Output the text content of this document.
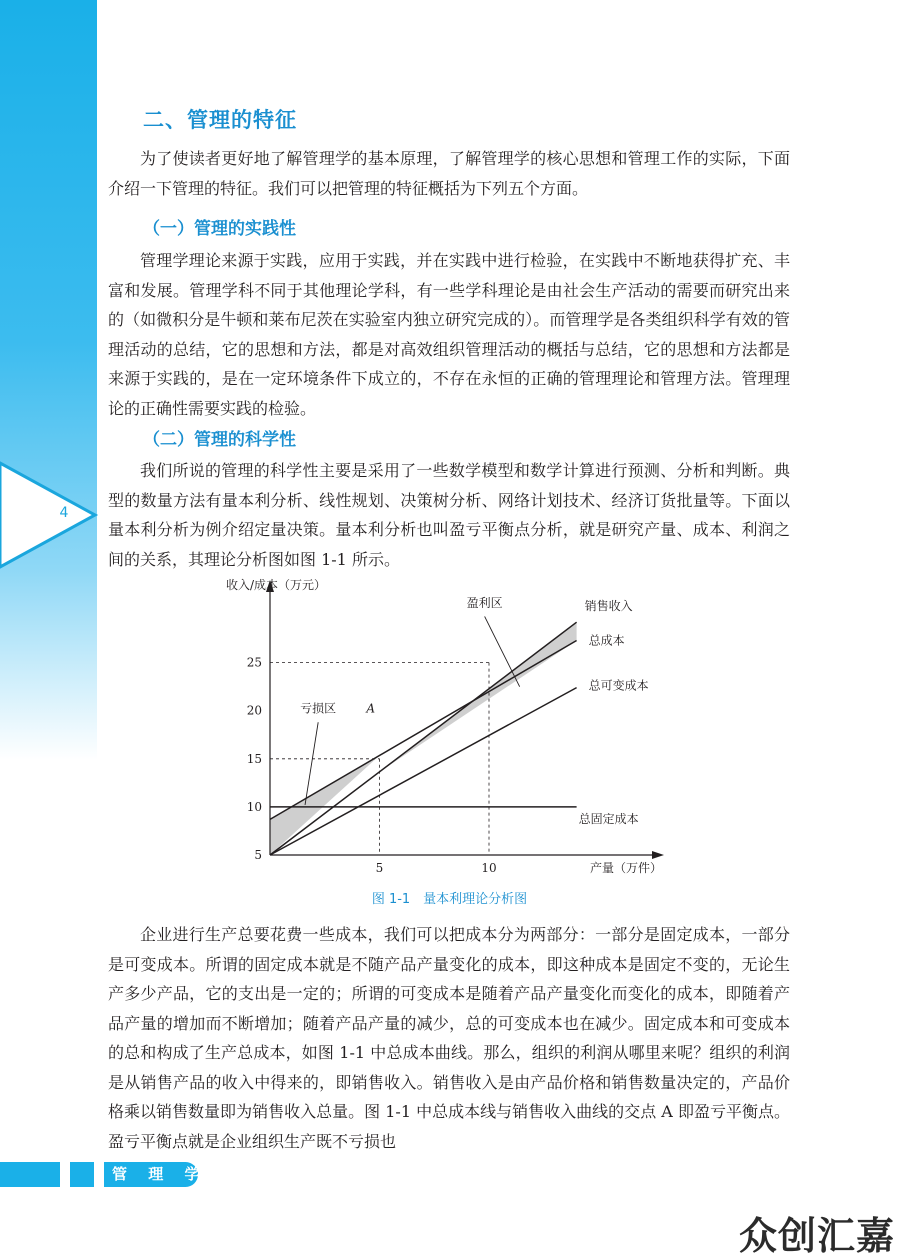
4
二、管理的特征

为了使读者更好地了解管理学的基本原理，了解管理学的核心思想和管理工作的实际，下面介绍一下管理的特征。我们可以把管理的特征概括为下列五个方面。

（一）管理的实践性

管理学理论来源于实践，应用于实践，并在实践中进行检验，在实践中不断地获得扩充、丰富和发展。管理学科不同于其他理论学科，有一些学科理论是由社会生产活动的需要而研究出来的（如微积分是牛顿和莱布尼茨在实验室内独立研究完成的）。而管理学是各类组织科学有效的管理活动的总结，它的思想和方法，都是对高效组织管理活动的概括与总结，它的思想和方法都是来源于实践的，是在一定环境条件下成立的，不存在永恒的正确的管理理论和管理方法。管理理论的正确性需要实践的检验。

（二）管理的科学性

我们所说的管理的科学性主要是采用了一些数学模型和数学计算进行预测、分析和判断。典型的数量方法有量本利分析、线性规划、决策树分析、网络计划技术、经济订货批量等。下面以量本利分析为例介绍定量决策。量本利分析也叫盈亏平衡点分析，就是研究产量、成本、利润之间的关系，其理论分析图如图 1-1 所示。

企业进行生产总要花费一些成本，我们可以把成本分为两部分：一部分是固定成本，一部分是可变成本。所谓的固定成本就是不随产品产量变化的成本，即这种成本是固定不变的，无论生产多少产品，它的支出是一定的；所谓的可变成本是随着产品产量变化而变化的成本，即随着产品产量的增加而不断增加；随着产品产量的减少，总的可变成本也在减少。固定成本和可变成本的总和构成了生产总成本，如图 1-1 中总成本曲线。那么，组织的利润从哪里来呢？组织的利润是从销售产品的收入中得来的，即销售收入。销售收入是由产品价格和销售数量决定的，产品价格乘以销售数量即为销售收入总量。图 1-1 中总成本线与销售收入曲线的交点 A 即盈亏平衡点。盈亏平衡点就是企业组织生产既不亏损也

销售收入
总成本
总可变成本
总固定成本
5
10
15
20
25
5	10
收入/成本（万元）
产量（万件）
盈利区
亏损区	A
图 1-1　量本利理论分析图
管 理 学
众创汇嘉
